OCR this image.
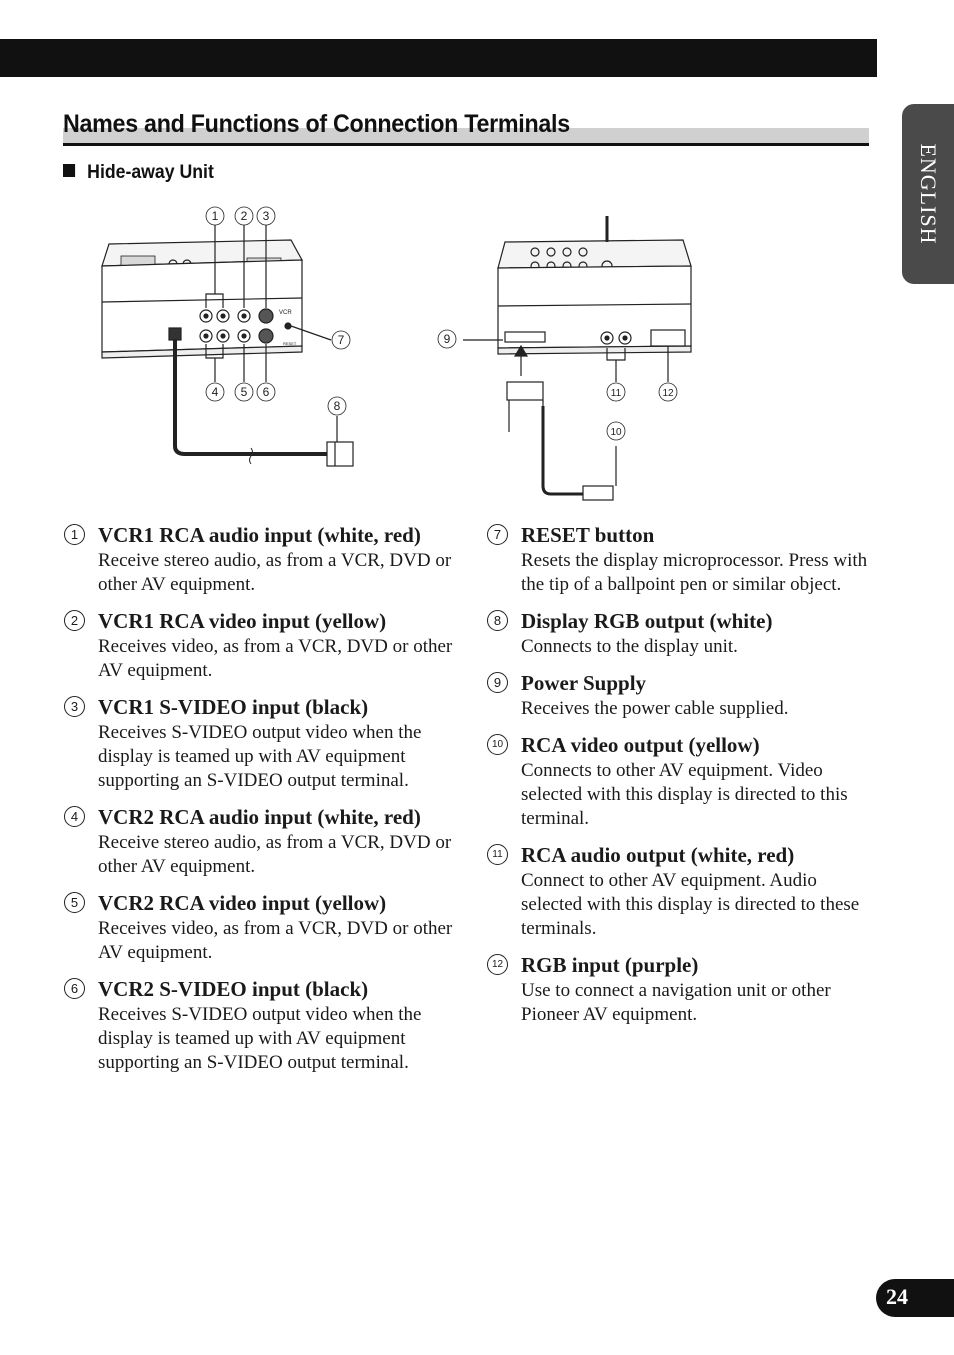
ENGLISH
Names and Functions of Connection Terminals
Hide-away Unit
VCR
RESET
1 2 3
4 5 6
7
8
9
10
11	12
1 VCR1 RCA audio input (white, red)
Receive stereo audio, as from a VCR, DVD or other AV equipment.
2 VCR1 RCA video input (yellow)
Receives video, as from a VCR, DVD or other AV equipment.
3 VCR1 S-VIDEO input (black)
Receives S-VIDEO output video when the display is teamed up with AV equipment supporting an S-VIDEO output terminal.
4 VCR2 RCA audio input (white, red)
Receive stereo audio, as from a VCR, DVD or other AV equipment.
5 VCR2 RCA video input (yellow)
Receives video, as from a VCR, DVD or other AV equipment.
6 VCR2 S-VIDEO input (black)
Receives S-VIDEO output video when the display is teamed up with AV equipment supporting an S-VIDEO output terminal.
7 RESET button
Resets the display microprocessor. Press with the tip of a ballpoint pen or similar object.
8 Display RGB output (white)
Connects to the display unit.
9 Power Supply
Receives the power cable supplied.
10 RCA video output (yellow)
Connects to other AV equipment. Video selected with this display is directed to this terminal.
11 RCA audio output (white, red)
Connect to other AV equipment. Audio selected with this display is directed to these terminals.
12 RGB input (purple)
Use to connect a navigation unit or other Pioneer AV equipment.
24
